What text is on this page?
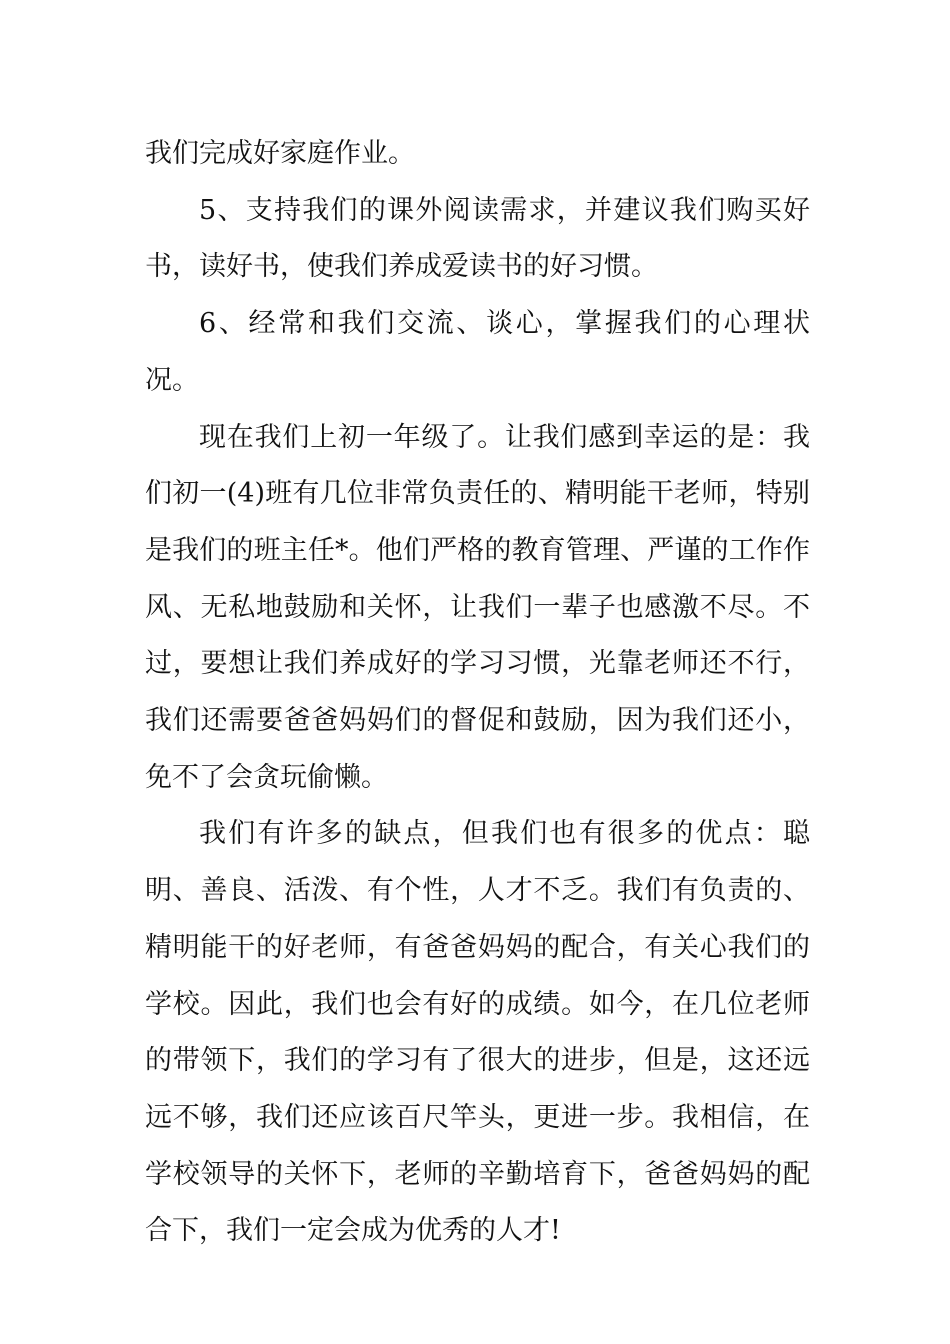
我们完成好家庭作业。

5、支持我们的课外阅读需求，并建议我们购买好书，读好书，使我们养成爱读书的好习惯。

6、经常和我们交流、谈心，掌握我们的心理状况。

现在我们上初一年级了。让我们感到幸运的是：我们初一(4)班有几位非常负责任的、精明能干老师，特别是我们的班主任*。他们严格的教育管理、严谨的工作作风、无私地鼓励和关怀，让我们一辈子也感激不尽。不过，要想让我们养成好的学习习惯，光靠老师还不行，我们还需要爸爸妈妈们的督促和鼓励，因为我们还小，免不了会贪玩偷懒。

我们有许多的缺点，但我们也有很多的优点：聪明、善良、活泼、有个性，人才不乏。我们有负责的、精明能干的好老师，有爸爸妈妈的配合，有关心我们的学校。因此，我们也会有好的成绩。如今，在几位老师的带领下，我们的学习有了很大的进步，但是，这还远远不够，我们还应该百尺竿头，更进一步。我相信，在学校领导的关怀下，老师的辛勤培育下，爸爸妈妈的配合下，我们一定会成为优秀的人才!
